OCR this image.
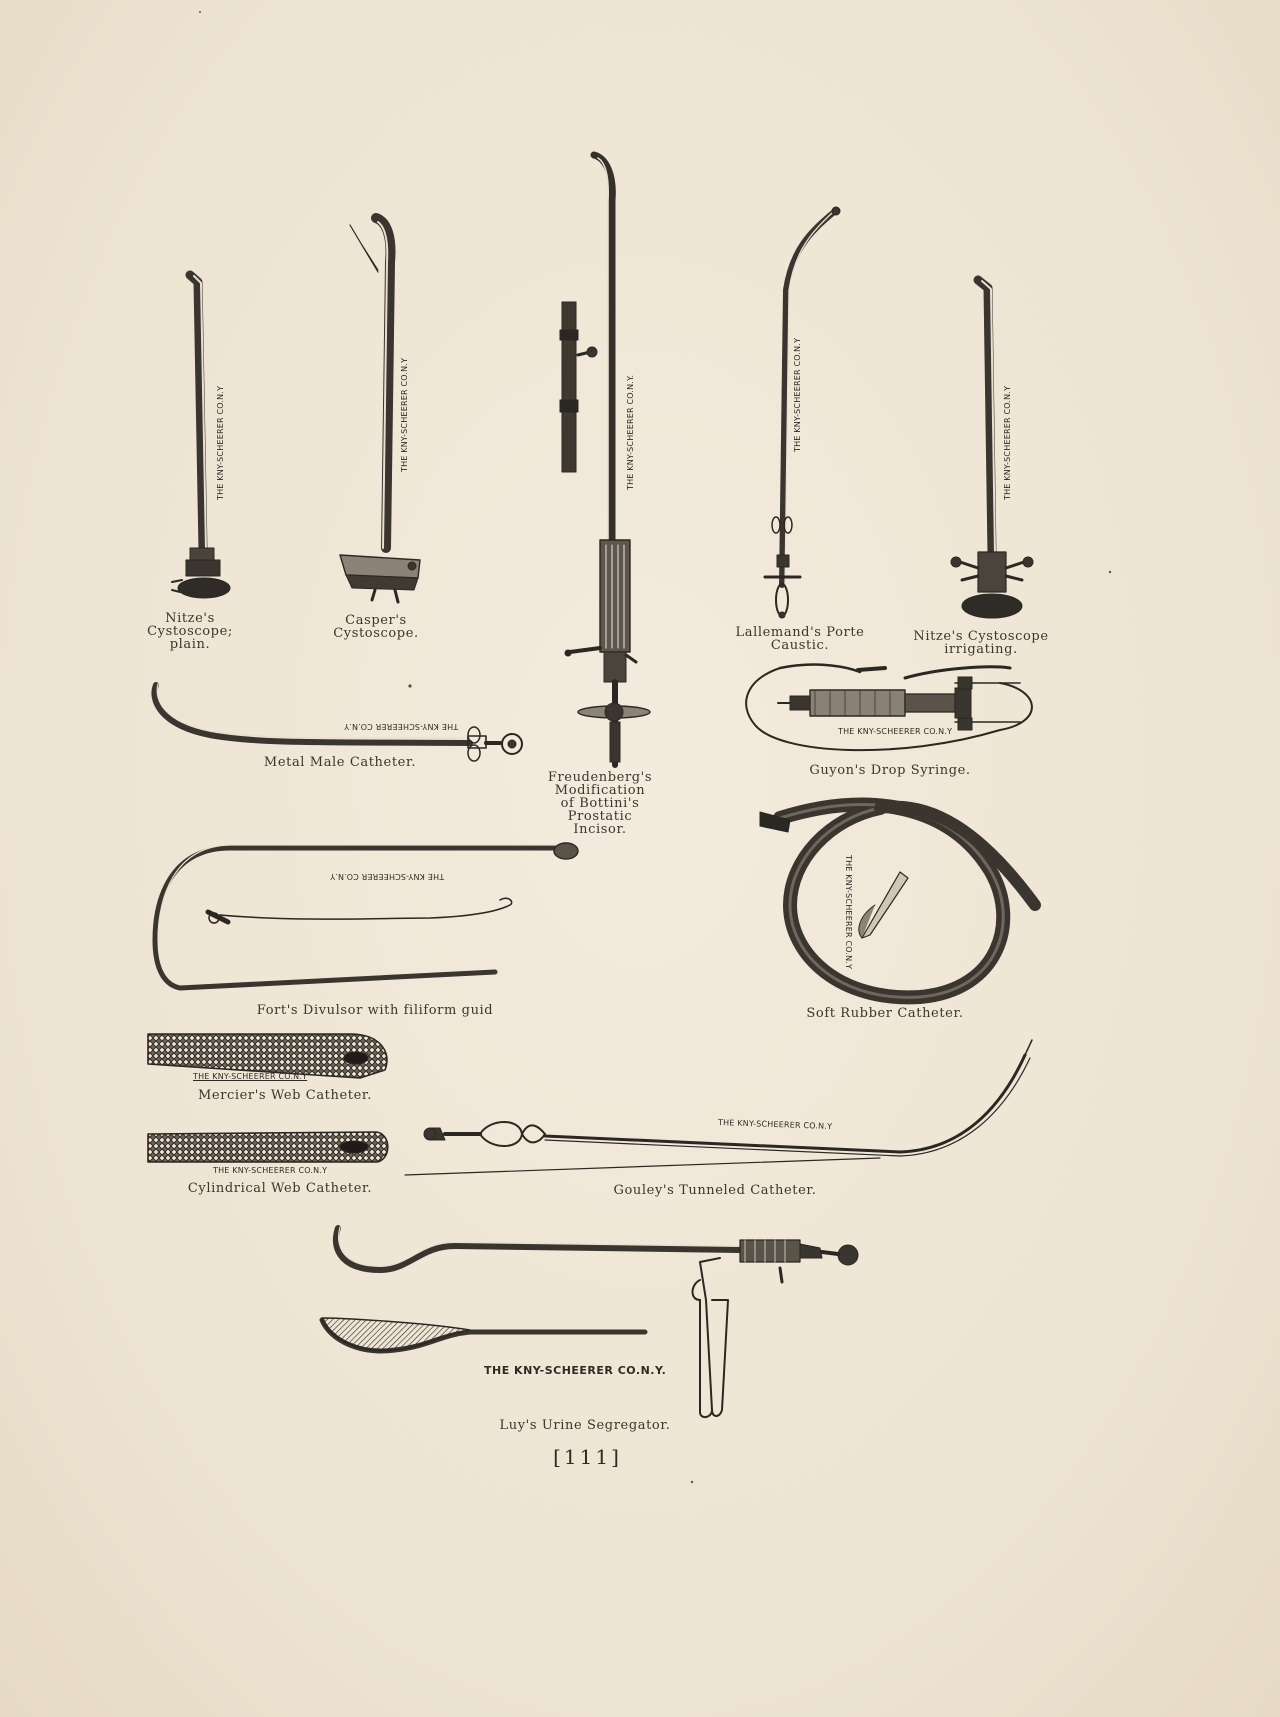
THE KNY-SCHEERER CO.N.Y	THE KNY-SCHEERER CO.N.Y	THE KNY-SCHEERER CO.N.Y.	THE KNY-SCHEERER CO.N.Y	THE KNY-SCHEERER CO.N.Y
THE KNY-SCHEERER CO.N.Y
THE KNY-SCHEERER CO.N.Y
THE KNY-SCHEERER CO.N.Y	THE KNY-SCHEERER CO.N.Y
THE KNY-SCHEERER CO.N.Y
THE KNY-SCHEERER CO.N.Y
THE KNY-SCHEERER CO.N.Y
THE KNY-SCHEERER CO.N.Y.
Nitze's
Cystoscope;
plain.
Casper's
Cystoscope.	Lallemand's Porte
Caustic.
Nitze's Cystoscope
irrigating.
Metal Male Catheter.
Freudenberg's
Modification
of Bottini's
Prostatic
Incisor.
Guyon's Drop Syringe.
Fort's Divulsor with filiform guid	Soft Rubber Catheter.
Mercier's Web Catheter.
Cylindrical Web Catheter.	Gouley's Tunneled Catheter.
Luy's Urine Segregator.
[111]
